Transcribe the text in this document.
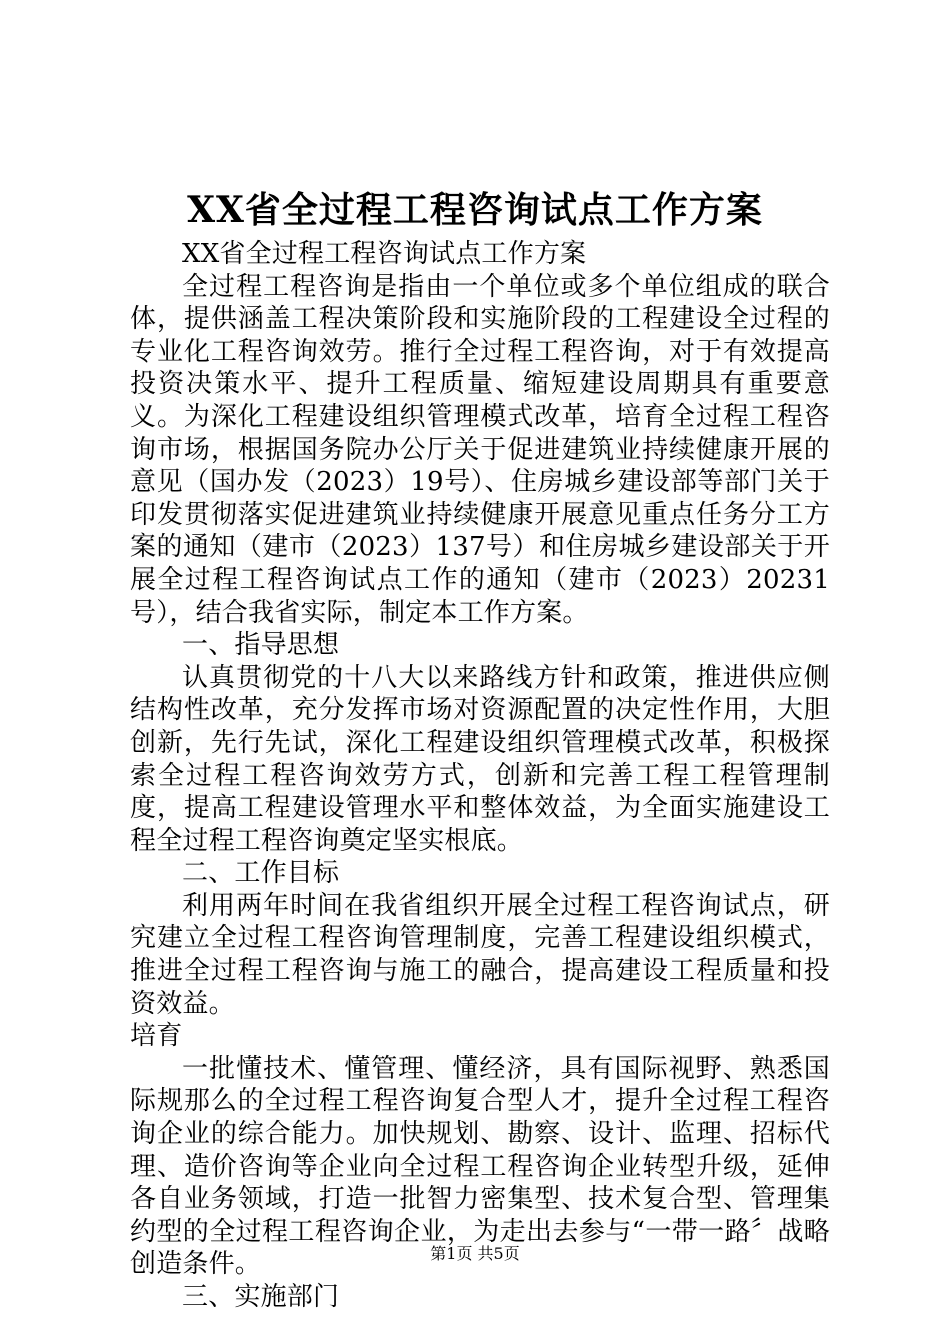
XX省全过程工程咨询试点工作方案

XX省全过程工程咨询试点工作方案

全过程工程咨询是指由一个单位或多个单位组成的联合体，提供涵盖工程决策阶段和实施阶段的工程建设全过程的专业化工程咨询效劳。推行全过程工程咨询，对于有效提高投资决策水平、提升工程质量、缩短建设周期具有重要意义。为深化工程建设组织管理模式改革，培育全过程工程咨询市场，根据国务院办公厅关于促进建筑业持续健康开展的意见（国办发（2023）19号）、住房城乡建设部等部门关于印发贯彻落实促进建筑业持续健康开展意见重点任务分工方案的通知（建市（2023）137号）和住房城乡建设部关于开展全过程工程咨询试点工作的通知（建市（2023）20231号），结合我省实际，制定本工作方案。

一、指导思想

认真贯彻党的十八大以来路线方针和政策，推进供应侧结构性改革，充分发挥市场对资源配置的决定性作用，大胆创新，先行先试，深化工程建设组织管理模式改革，积极探索全过程工程咨询效劳方式，创新和完善工程工程管理制度，提高工程建设管理水平和整体效益，为全面实施建设工程全过程工程咨询奠定坚实根底。

二、工作目标

利用两年时间在我省组织开展全过程工程咨询试点，研究建立全过程工程咨询管理制度，完善工程建设组织模式，推进全过程工程咨询与施工的融合，提高建设工程质量和投资效益。

培育

一批懂技术、懂管理、懂经济，具有国际视野、熟悉国际规那么的全过程工程咨询复合型人才，提升全过程工程咨询企业的综合能力。加快规划、勘察、设计、监理、招标代理、造价咨询等企业向全过程工程咨询企业转型升级，延伸各自业务领域，打造一批智力密集型、技术复合型、管理集约型的全过程工程咨询企业，为走出去参与“一带一路〞战略创造条件。

三、实施部门

第1页 共5页
